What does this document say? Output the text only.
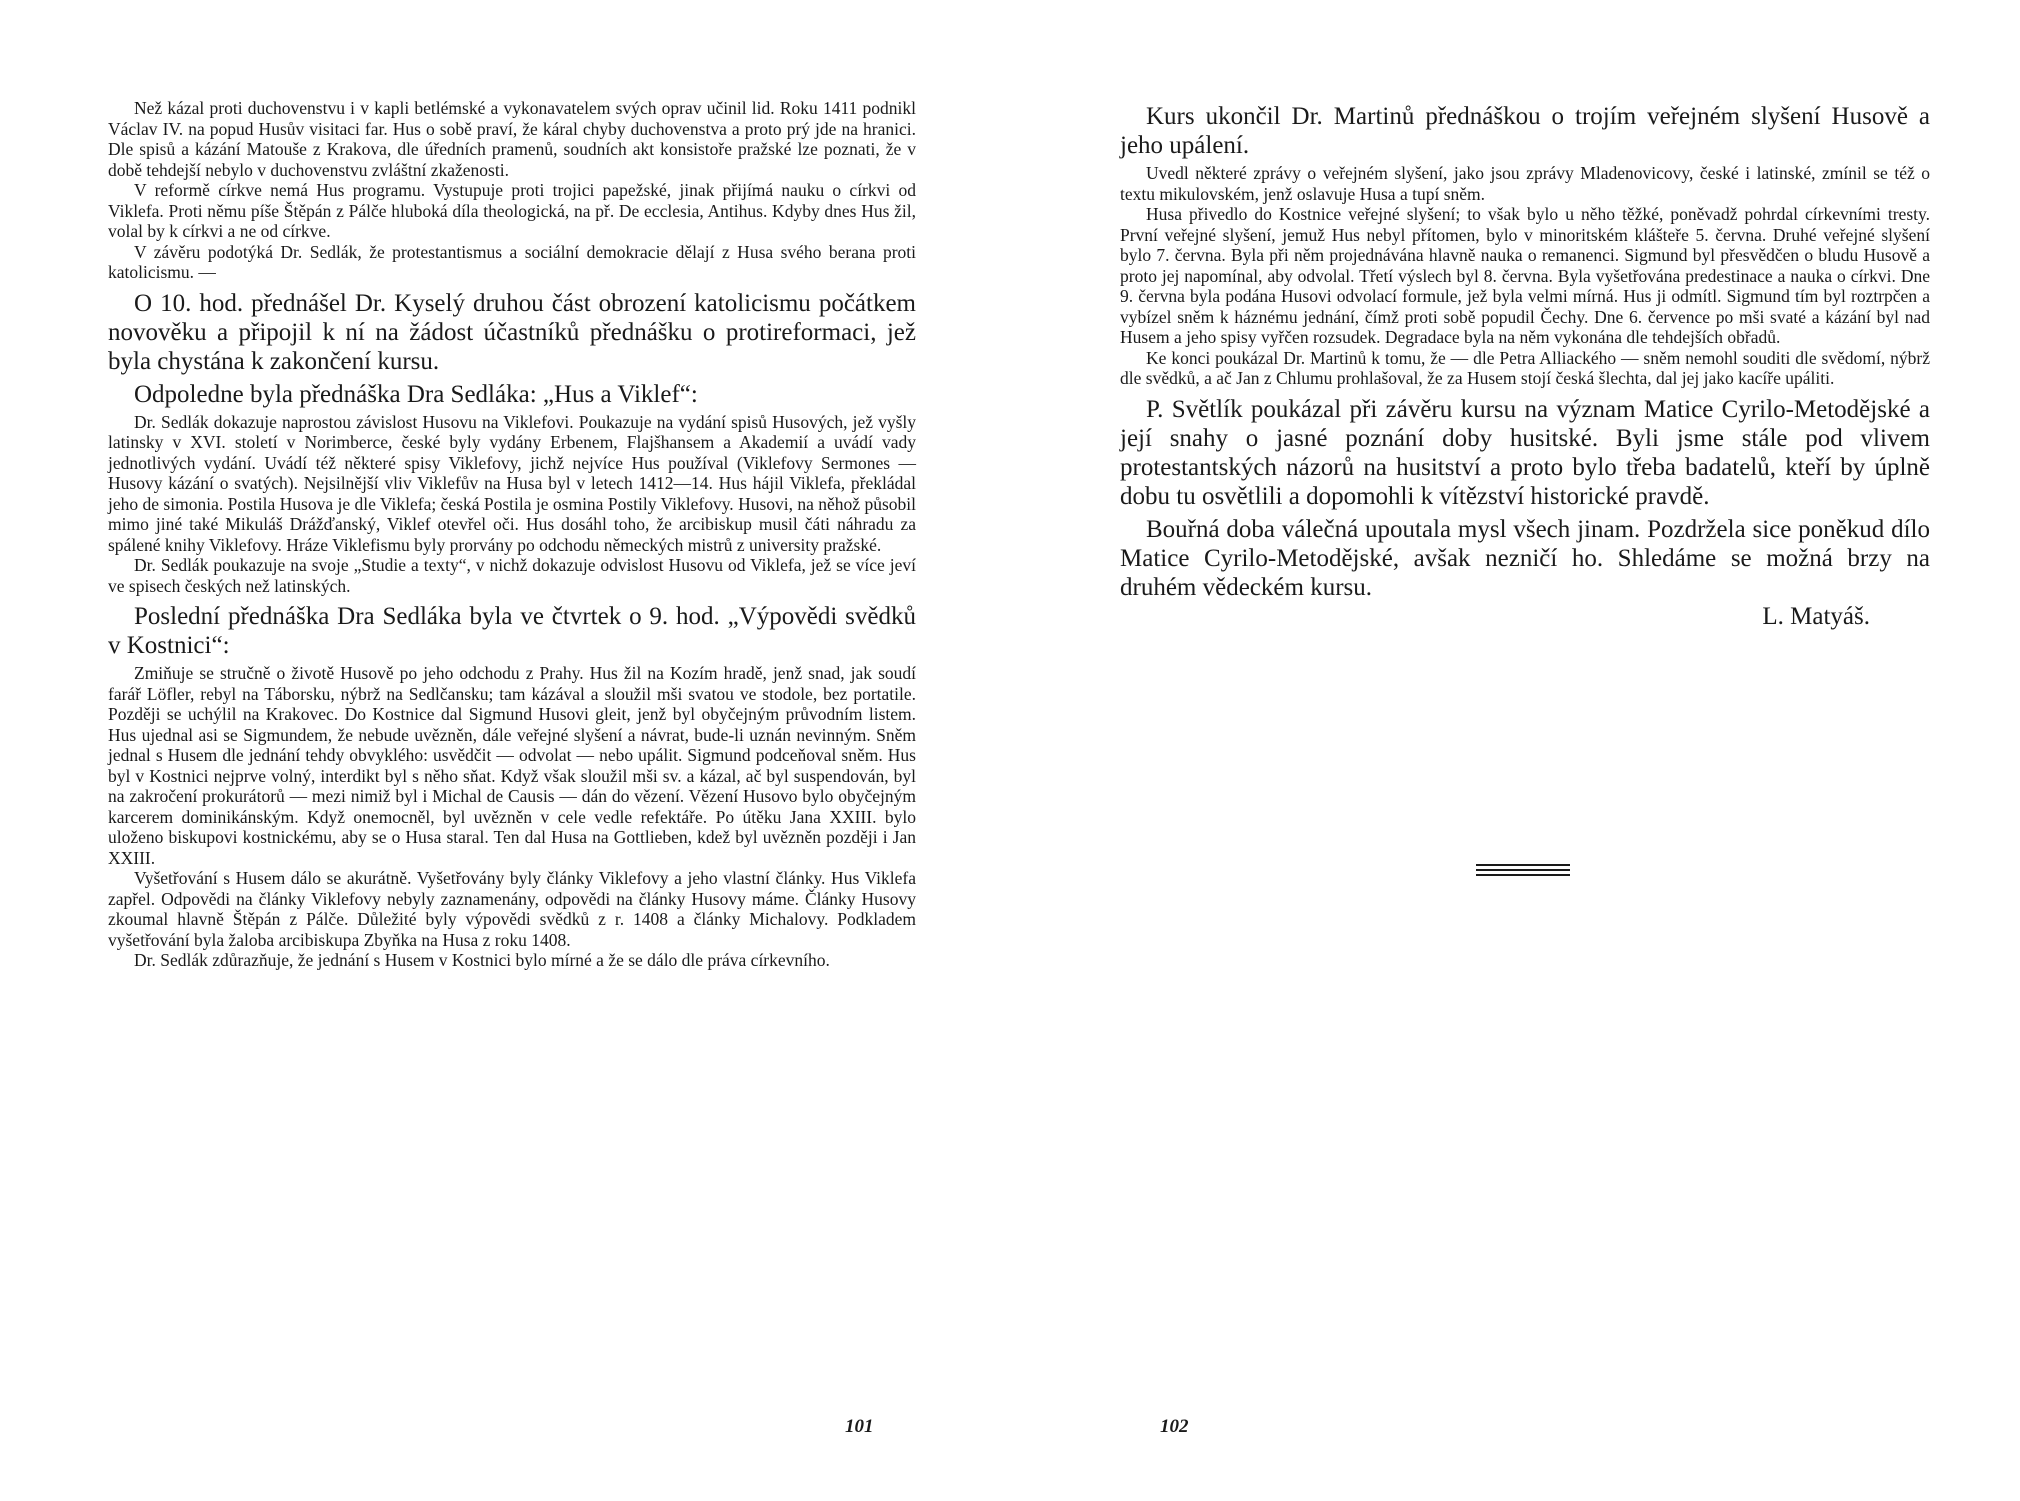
Než kázal proti duchovenstvu i v kapli betlémské a vykonavatelem svých oprav učinil lid. Roku 1411 podnikl Václav IV. na popud Husův visitaci far. Hus o sobě praví, že káral chyby duchovenstva a proto prý jde na hranici. Dle spisů a kázání Matouše z Krakova, dle úředních pramenů, soudních akt konsistoře pražské lze poznati, že v době tehdejší nebylo v duchovenstvu zvláštní zkaženosti.

V reformě církve nemá Hus programu. Vystupuje proti trojici papežské, jinak přijímá nauku o církvi od Viklefa. Proti němu píše Štěpán z Pálče hluboká díla theologická, na př. De ecclesia, Antihus. Kdyby dnes Hus žil, volal by k církvi a ne od církve.

V závěru podotýká Dr. Sedlák, že protestantismus a sociální demokracie dělají z Husa svého berana proti katolicismu. —

O 10. hod. přednášel Dr. Kyselý druhou část obrození katolicismu počátkem novověku a připojil k ní na žádost účastníků přednášku o protireformaci, jež byla chystána k zakončení kursu.

Odpoledne byla přednáška Dra Sedláka: „Hus a Viklef“:

Dr. Sedlák dokazuje naprostou závislost Husovu na Viklefovi. Poukazuje na vydání spisů Husových, jež vyšly latinsky v XVI. století v Norimberce, české byly vydány Erbenem, Flajšhansem a Akademií a uvádí vady jednotlivých vydání. Uvádí též některé spisy Viklefovy, jichž nejvíce Hus používal (Viklefovy Sermones — Husovy kázání o svatých). Nejsilnější vliv Viklefův na Husa byl v letech 1412—14. Hus hájil Viklefa, překládal jeho de simonia. Postila Husova je dle Viklefa; česká Postila je osmina Postily Viklefovy. Husovi, na něhož působil mimo jiné také Mikuláš Drážďanský, Viklef otevřel oči. Hus dosáhl toho, že arcibiskup musil čáti náhradu za spálené knihy Viklefovy. Hráze Viklefismu byly prorvány po odchodu německých mistrů z university pražské.

Dr. Sedlák poukazuje na svoje „Studie a texty“, v nichž dokazuje odvislost Husovu od Viklefa, jež se více jeví ve spisech českých než latinských.

Poslední přednáška Dra Sedláka byla ve čtvrtek o 9. hod. „Výpovědi svědků v Kostnici“:

Zmiňuje se stručně o životě Husově po jeho odchodu z Prahy. Hus žil na Kozím hradě, jenž snad, jak soudí farář Löfler, rebyl na Táborsku, nýbrž na Sedlčansku; tam kázával a sloužil mši svatou ve stodole, bez portatile. Později se uchýlil na Krakovec. Do Kostnice dal Sigmund Husovi gleit, jenž byl obyčejným průvodním listem. Hus ujednal asi se Sigmundem, že nebude uvězněn, dále veřejné slyšení a návrat, bude-li uznán nevinným. Sněm jednal s Husem dle jednání tehdy obvyklého: usvědčit — odvolat — nebo upálit. Sigmund podceňoval sněm. Hus byl v Kostnici nejprve volný, interdikt byl s něho sňat. Když však sloužil mši sv. a kázal, ač byl suspendován, byl na zakročení prokurátorů — mezi nimiž byl i Michal de Causis — dán do vězení. Vězení Husovo bylo obyčejným karcerem dominikánským. Když onemocněl, byl uvězněn v cele vedle refektáře. Po útěku Jana XXIII. bylo uloženo biskupovi kostnickému, aby se o Husa staral. Ten dal Husa na Gottlieben, kdež byl uvězněn později i Jan XXIII.

Vyšetřování s Husem dálo se akurátně. Vyšetřovány byly články Viklefovy a jeho vlastní články. Hus Viklefa zapřel. Odpovědi na články Viklefovy nebyly zaznamenány, odpovědi na články Husovy máme. Články Husovy zkoumal hlavně Štěpán z Pálče. Důležité byly výpovědi svědků z r. 1408 a články Michalovy. Podkladem vyšetřování byla žaloba arcibiskupa Zbyňka na Husa z roku 1408.

Dr. Sedlák zdůrazňuje, že jednání s Husem v Kostnici bylo mírné a že se dálo dle práva církevního.

101

Kurs ukončil Dr. Martinů přednáškou o trojím veřejném slyšení Husově a jeho upálení.

Uvedl některé zprávy o veřejném slyšení, jako jsou zprávy Mladenovicovy, české i latinské, zmínil se též o textu mikulovském, jenž oslavuje Husa a tupí sněm.

Husa přivedlo do Kostnice veřejné slyšení; to však bylo u něho těžké, poněvadž pohrdal církevními tresty. První veřejné slyšení, jemuž Hus nebyl přítomen, bylo v minoritském klášteře 5. června. Druhé veřejné slyšení bylo 7. června. Byla při něm projednávána hlavně nauka o remanenci. Sigmund byl přesvědčen o bludu Husově a proto jej napomínal, aby odvolal. Třetí výslech byl 8. června. Byla vyšetřována predestinace a nauka o církvi. Dne 9. června byla podána Husovi odvolací formule, jež byla velmi mírná. Hus ji odmítl. Sigmund tím byl roztrpčen a vybízel sněm k háznému jednání, čímž proti sobě popudil Čechy. Dne 6. července po mši svaté a kázání byl nad Husem a jeho spisy vyřčen rozsudek. Degradace byla na něm vykonána dle tehdejších obřadů.

Ke konci poukázal Dr. Martinů k tomu, že — dle Petra Alliackého — sněm nemohl souditi dle svědomí, nýbrž dle svědků, a ač Jan z Chlumu prohlašoval, že za Husem stojí česká šlechta, dal jej jako kacíře upáliti.

P. Světlík poukázal při závěru kursu na význam Matice Cyrilo-Metodějské a její snahy o jasné poznání doby husitské. Byli jsme stále pod vlivem protestantských názorů na husitství a proto bylo třeba badatelů, kteří by úplně dobu tu osvětlili a dopomohli k vítězství historické pravdě.

Bouřná doba válečná upoutala mysl všech jinam. Pozdržela sice poněkud dílo Matice Cyrilo-Metodějské, avšak nezničí ho. Shledáme se možná brzy na druhém vědeckém kursu.

L. Matyáš.

102
